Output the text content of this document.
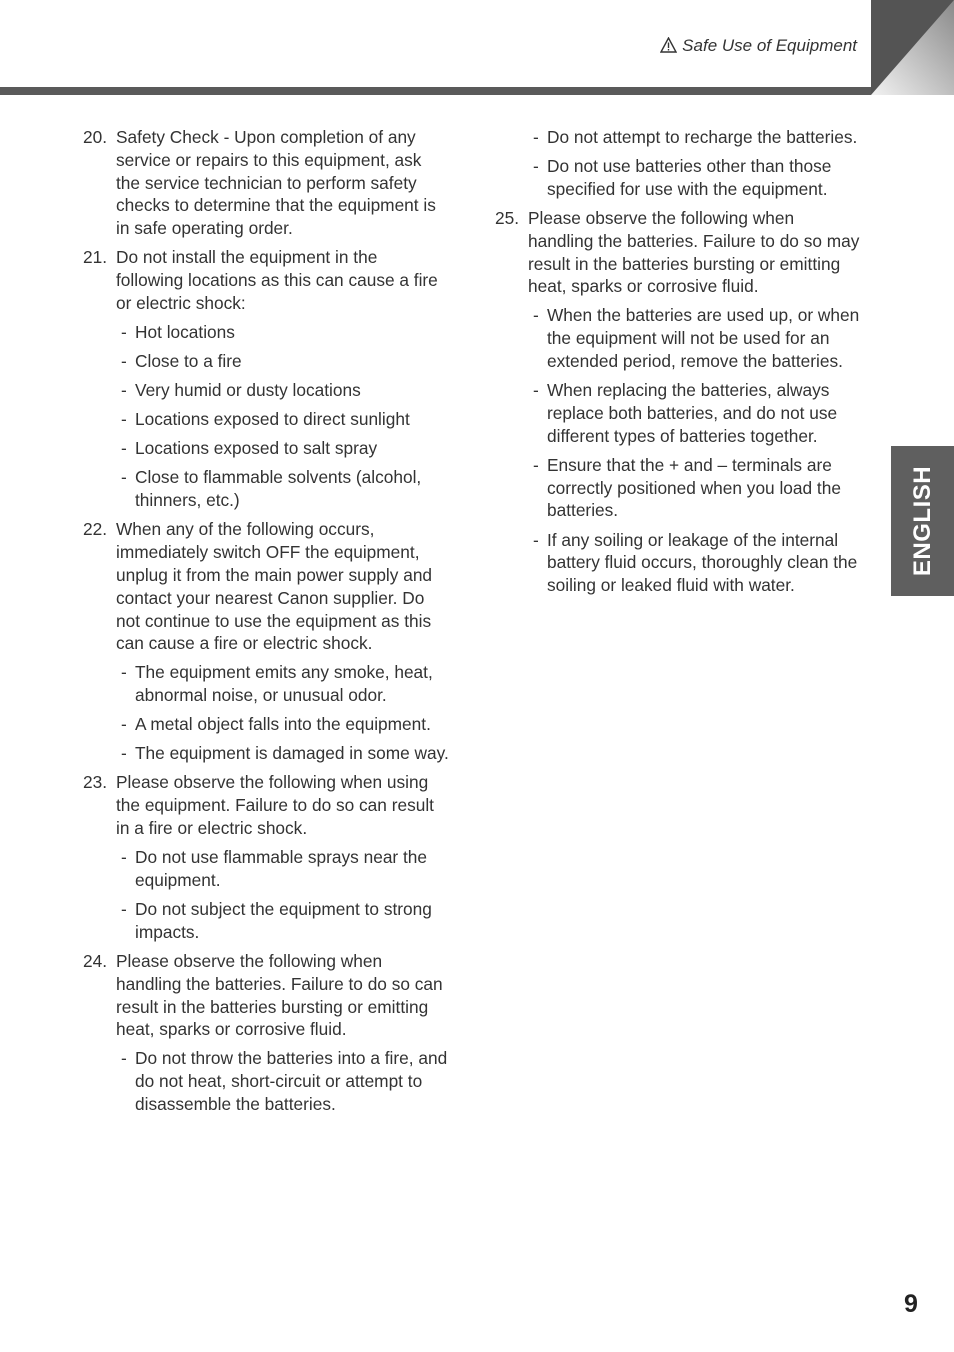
Safe Use of Equipment
20. Safety Check - Upon completion of any service or repairs to this equipment, ask the service technician to perform safety checks to determine that the equipment is in safe operating order.
21. Do not install the equipment in the following locations as this can cause a fire or electric shock:
- Hot locations
- Close to a fire
- Very humid or dusty locations
- Locations exposed to direct sunlight
- Locations exposed to salt spray
- Close to flammable solvents (alcohol, thinners, etc.)
22. When any of the following occurs, immediately switch OFF the equipment, unplug it from the main power supply and contact your nearest Canon supplier. Do not continue to use the equipment as this can cause a fire or electric shock.
- The equipment emits any smoke, heat, abnormal noise, or unusual odor.
- A metal object falls into the equipment.
- The equipment is damaged in some way.
23. Please observe the following when using the equipment. Failure to do so can result in a fire or electric shock.
- Do not use flammable sprays near the equipment.
- Do not subject the equipment to strong impacts.
24. Please observe the following when handling the batteries. Failure to do so can result in the batteries bursting or emitting heat, sparks or corrosive fluid.
- Do not throw the batteries into a fire, and do not heat, short-circuit or attempt to disassemble the batteries.
- Do not attempt to recharge the batteries.
- Do not use batteries other than those specified for use with the equipment.
25. Please observe the following when handling the batteries. Failure to do so may result in the batteries bursting or emitting heat, sparks or corrosive fluid.
- When the batteries are used up, or when the equipment will not be used for an extended period, remove the batteries.
- When replacing the batteries, always replace both batteries, and do not use different types of batteries together.
- Ensure that the + and – terminals are correctly positioned when you load the batteries.
- If any soiling or leakage of the internal battery fluid occurs, thoroughly clean the soiling or leaked fluid with water.
ENGLISH
9
